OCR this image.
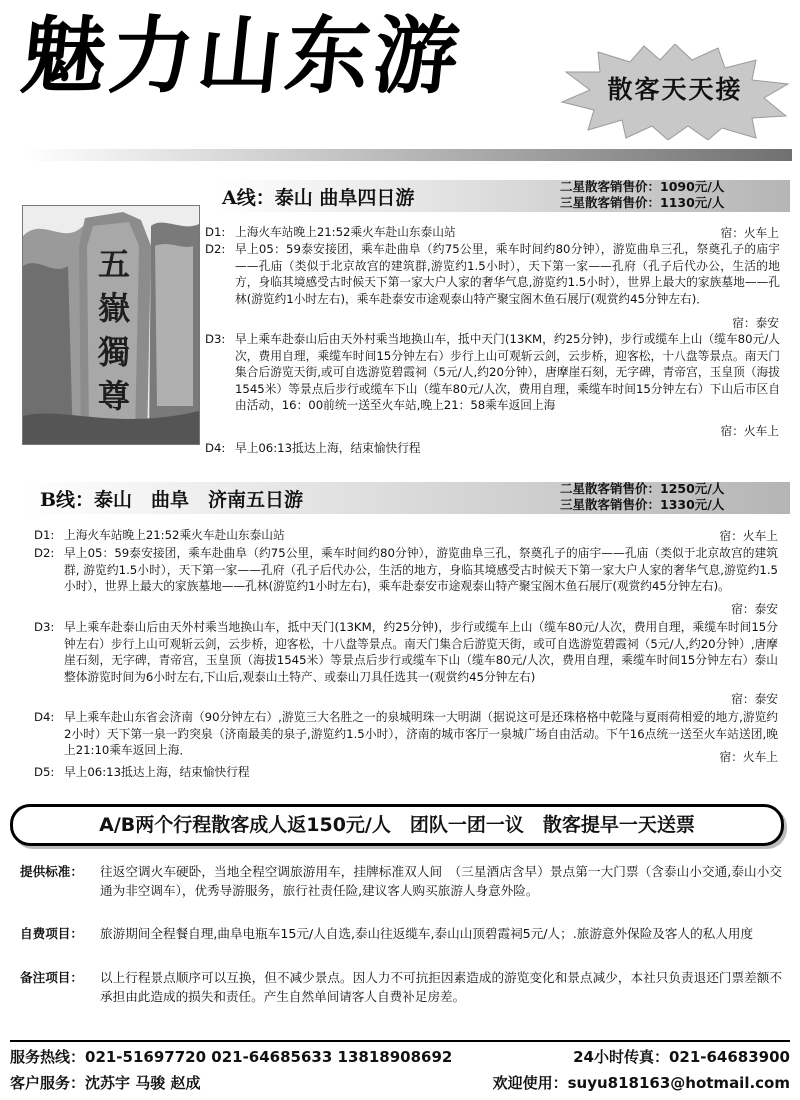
魅力山东游	散客天天接
A线：泰山 曲阜四日游
二星散客销售价：1090元/人
三星散客销售价：1130元/人
五嶽獨尊
D1: 上海火车站晚上21:52乘火车赴山东泰山站	宿：火车上
D2: 早上05：59泰安接团，乘车赴曲阜（约75公里，乘车时间约80分钟），游览曲阜三孔，祭奠孔子的庙宇——孔庙（类似于北京故宫的建筑群,游览约1.5小时），天下第一家——孔府（孔子后代办公，生活的地方，身临其境感受古时候天下第一家大户人家的奢华气息,游览约1.5小时），世界上最大的家族墓地——孔林(游览约1小时左右)，乘车赴泰安市途观泰山特产聚宝阁木鱼石展厅(观赏约45分钟左右)．
宿：泰安
D3: 早上乘车赴泰山后由天外村乘当地换山车，抵中天门(13KM，约25分钟)，步行或缆车上山（缆车80元/人次，费用自理，乘缆车时间15分钟左右）步行上山可观斩云剑，云步桥，迎客松，十八盘等景点。南天门集合后游览天街,或可自选游览碧霞祠（5元/人,约20分钟），唐摩崖石刻，无字碑，青帝宫，玉皇顶（海拔1545米）等景点后步行或缆车下山（缆车80元/人次，费用自理，乘缆车时间15分钟左右）下山后市区自由活动，16：00前统一送至火车站,晚上21：58乘车返回上海
宿：火车上
D4: 早上06:13抵达上海，结束愉快行程
B线：泰山　曲阜　济南五日游
二星散客销售价：1250元/人
三星散客销售价：1330元/人
D1: 上海火车站晚上21:52乘火车赴山东泰山站	宿：火车上
D2: 早上05：59泰安接团，乘车赴曲阜（约75公里，乘车时间约80分钟），游览曲阜三孔，祭奠孔子的庙宇——孔庙（类似于北京故宫的建筑群, 游览约1.5小时），天下第一家——孔府（孔子后代办公，生活的地方，身临其境感受古时候天下第一家大户人家的奢华气息,游览约1.5小时），世界上最大的家族墓地——孔林(游览约1小时左右)，乘车赴泰安市途观泰山特产聚宝阁木鱼石展厅(观赏约45分钟左右)。
宿：泰安
D3: 早上乘车赴泰山后由天外村乘当地换山车，抵中天门(13KM，约25分钟)，步行或缆车上山（缆车80元/人次，费用自理，乘缆车时间15分钟左右）步行上山可观斩云剑，云步桥，迎客松，十八盘等景点。南天门集合后游览天街，或可自选游览碧霞祠（5元/人,约20分钟）,唐摩崖石刻，无字碑，青帝宫，玉皇顶（海拔1545米）等景点后步行或缆车下山（缆车80元/人次，费用自理，乘缆车时间15分钟左右）泰山整体游览时间为6小时左右,下山后,观泰山土特产、或泰山刀具任选其一(观赏约45分钟左右)
宿：泰安
D4: 早上乘车赴山东省会济南（90分钟左右）,游览三大名胜之一的泉城明珠一大明湖（据说这可是还珠格格中乾隆与夏雨荷相爱的地方,游览约2小时）天下第一泉一趵突泉（济南最美的泉子,游览约1.5小时），济南的城市客厅一泉城广场自由活动。下午16点统一送至火车站送团,晚上21:10乘车返回上海．	宿：火车上
D5: 早上06:13抵达上海，结束愉快行程
A/B两个行程散客成人返150元/人　团队一团一议　散客提早一天送票
提供标准： 往返空调火车硬卧，当地全程空调旅游用车，挂牌标准双人间　（三星酒店含早）景点第一大门票（含泰山小交通,泰山小交通为非空调车），优秀导游服务，旅行社责任险,建议客人购买旅游人身意外险。
自费项目： 旅游期间全程餐自理,曲阜电瓶车15元/人自选,泰山往返缆车,泰山山顶碧霞祠5元/人；.旅游意外保险及客人的私人用度
备注项目： 以上行程景点顺序可以互换，但不减少景点。因人力不可抗拒因素造成的游览变化和景点减少，本社只负责退还门票差额不承担由此造成的损失和责任。产生自然单间请客人自费补足房差。
服务热线：021-51697720 021-64685633 13818908692	24小时传真：021-64683900
客户服务：沈苏宇 马骏 赵成	欢迎使用：suyu818163@hotmail.com
